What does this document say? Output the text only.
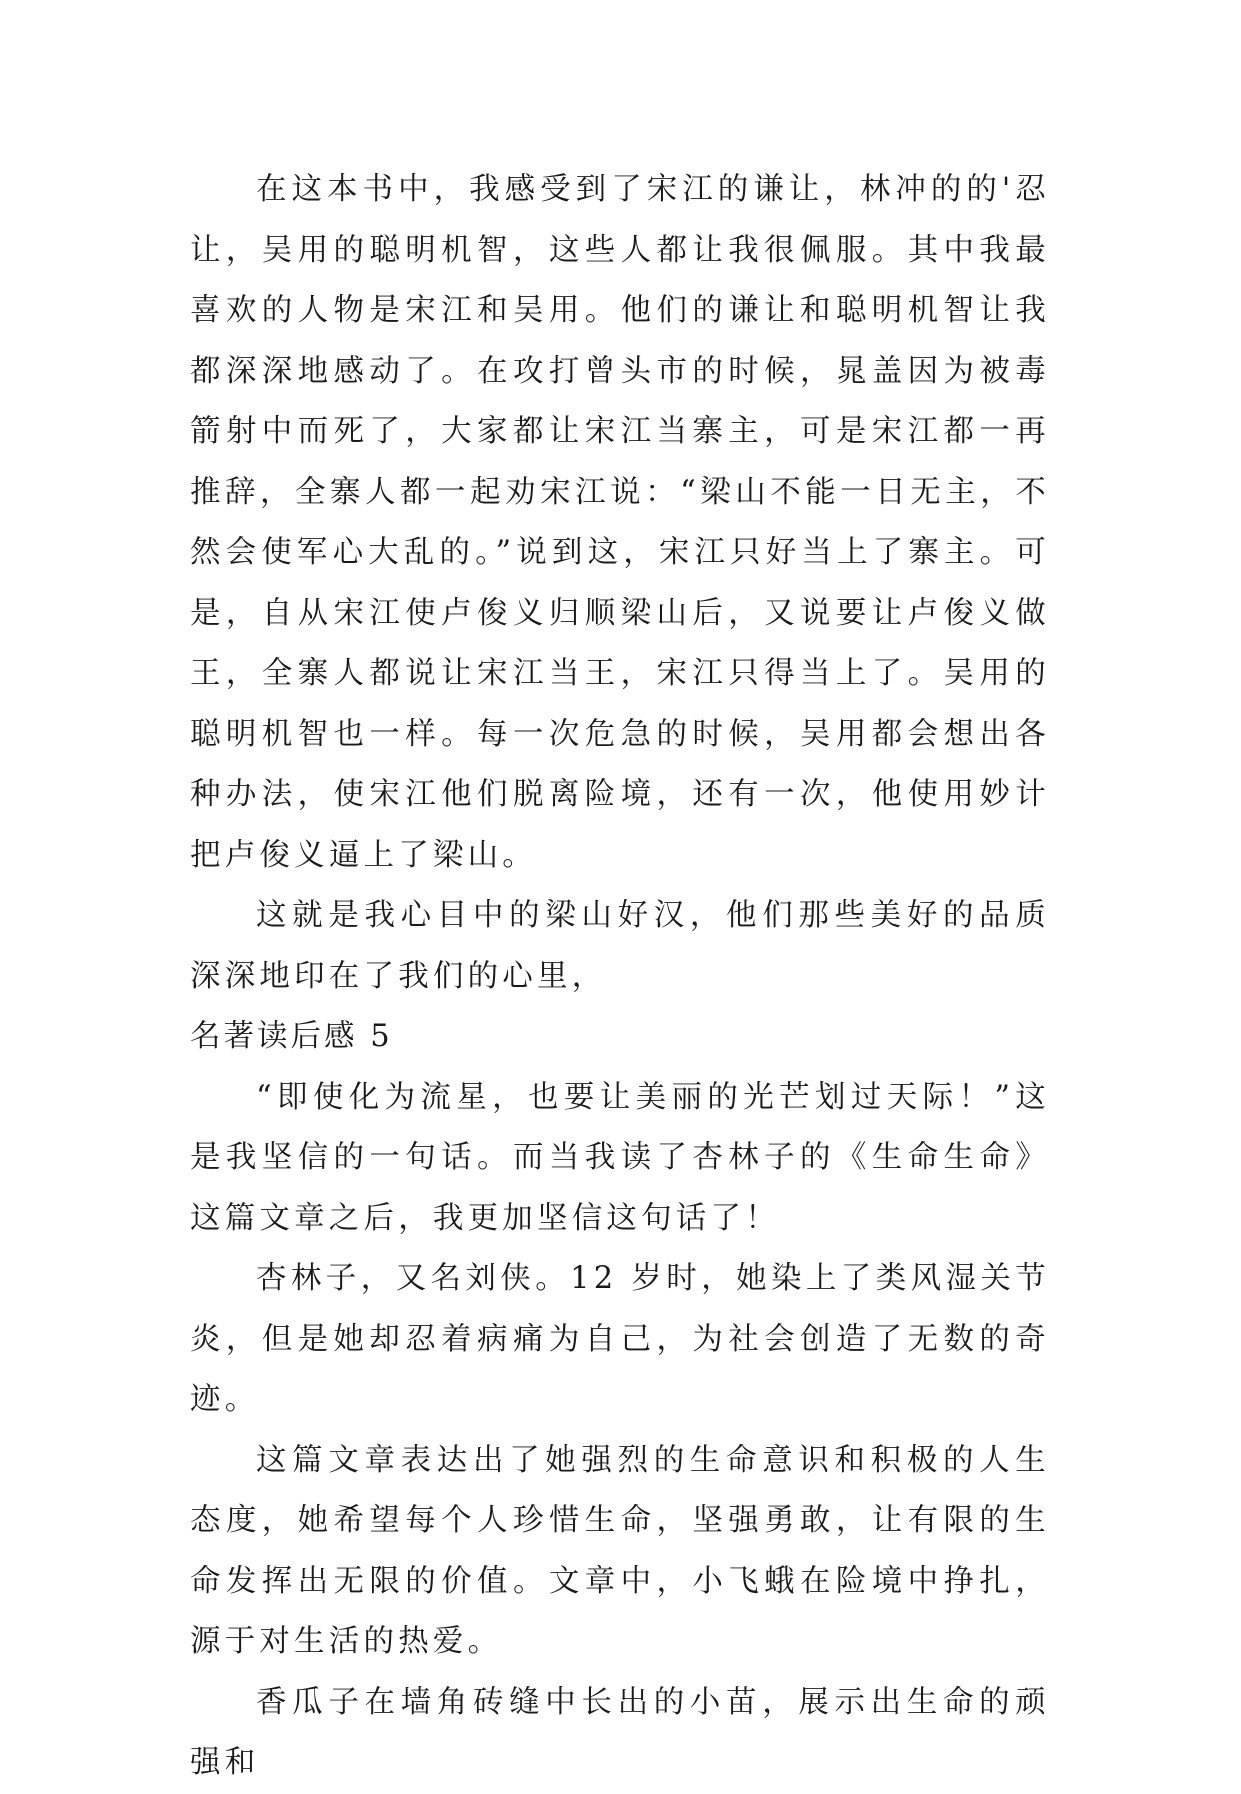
在这本书中，我感受到了宋江的谦让，林冲的的'忍让，吴用的聪明机智，这些人都让我很佩服。其中我最喜欢的人物是宋江和吴用。他们的谦让和聪明机智让我都深深地感动了。在攻打曾头市的时候，晁盖因为被毒箭射中而死了，大家都让宋江当寨主，可是宋江都一再推辞，全寨人都一起劝宋江说：“梁山不能一日无主，不然会使军心大乱的。”说到这，宋江只好当上了寨主。可是，自从宋江使卢俊义归顺梁山后，又说要让卢俊义做王，全寨人都说让宋江当王，宋江只得当上了。吴用的聪明机智也一样。每一次危急的时候，吴用都会想出各种办法，使宋江他们脱离险境，还有一次，他使用妙计把卢俊义逼上了梁山。

这就是我心目中的梁山好汉，他们那些美好的品质深深地印在了我们的心里，

名著读后感 5

“即使化为流星，也要让美丽的光芒划过天际！”这是我坚信的一句话。而当我读了杏林子的《生命生命》这篇文章之后，我更加坚信这句话了！

杏林子，又名刘侠。12 岁时，她染上了类风湿关节炎，但是她却忍着病痛为自己，为社会创造了无数的奇迹。

这篇文章表达出了她强烈的生命意识和积极的人生态度，她希望每个人珍惜生命，坚强勇敢，让有限的生命发挥出无限的价值。文章中，小飞蛾在险境中挣扎，源于对生活的热爱。

香瓜子在墙角砖缝中长出的小苗，展示出生命的顽强和
